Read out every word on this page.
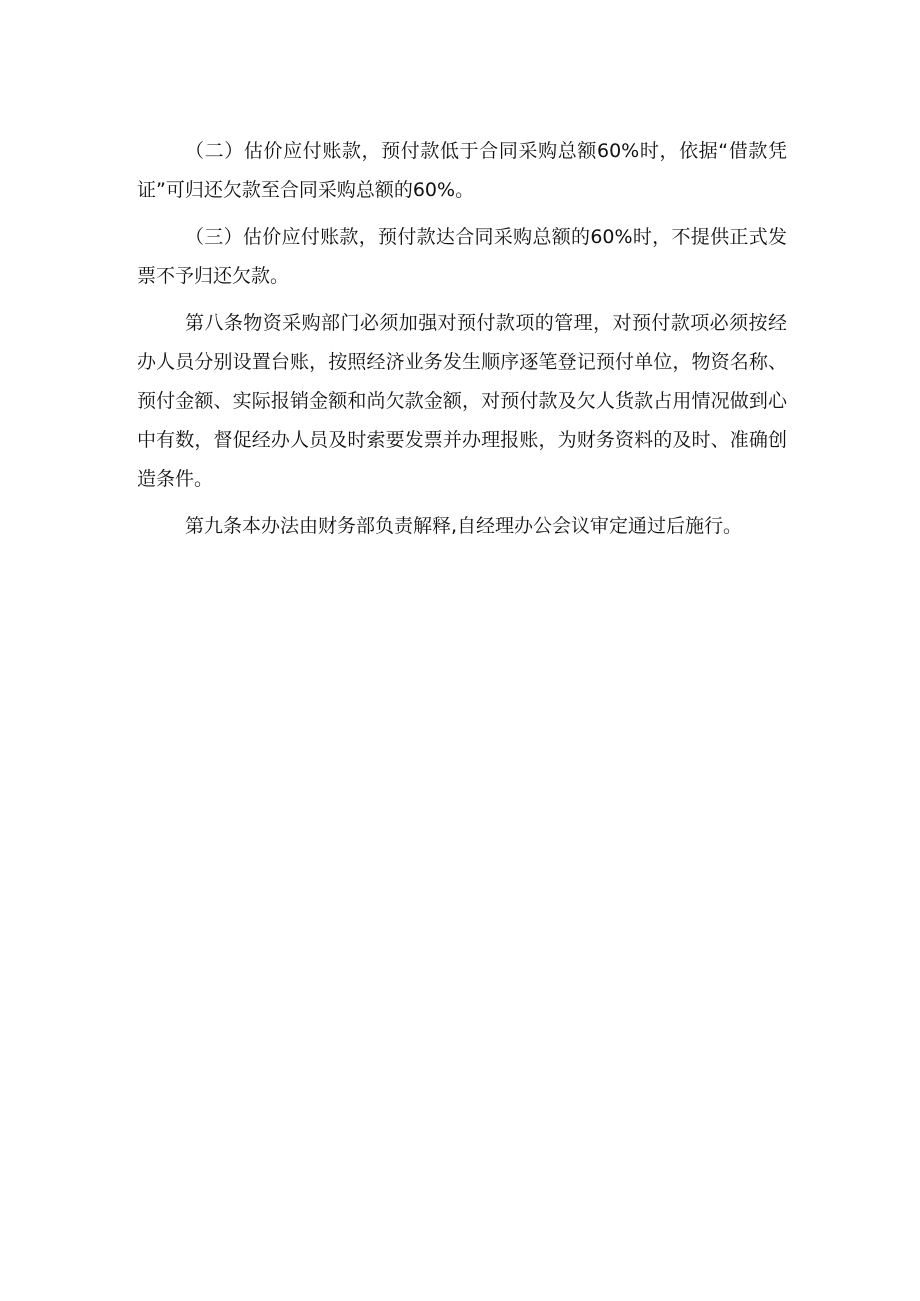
（二）估价应付账款，预付款低于合同采购总额60%时，依据“借款凭证”可归还欠款至合同采购总额的60%。

（三）估价应付账款，预付款达合同采购总额的60%时，不提供正式发票不予归还欠款。

第八条物资采购部门必须加强对预付款项的管理，对预付款项必须按经办人员分别设置台账，按照经济业务发生顺序逐笔登记预付单位，物资名称、预付金额、实际报销金额和尚欠款金额，对预付款及欠人货款占用情况做到心中有数，督促经办人员及时索要发票并办理报账，为财务资料的及时、准确创造条件。

第九条本办法由财务部负责解释,自经理办公会议审定通过后施行。
